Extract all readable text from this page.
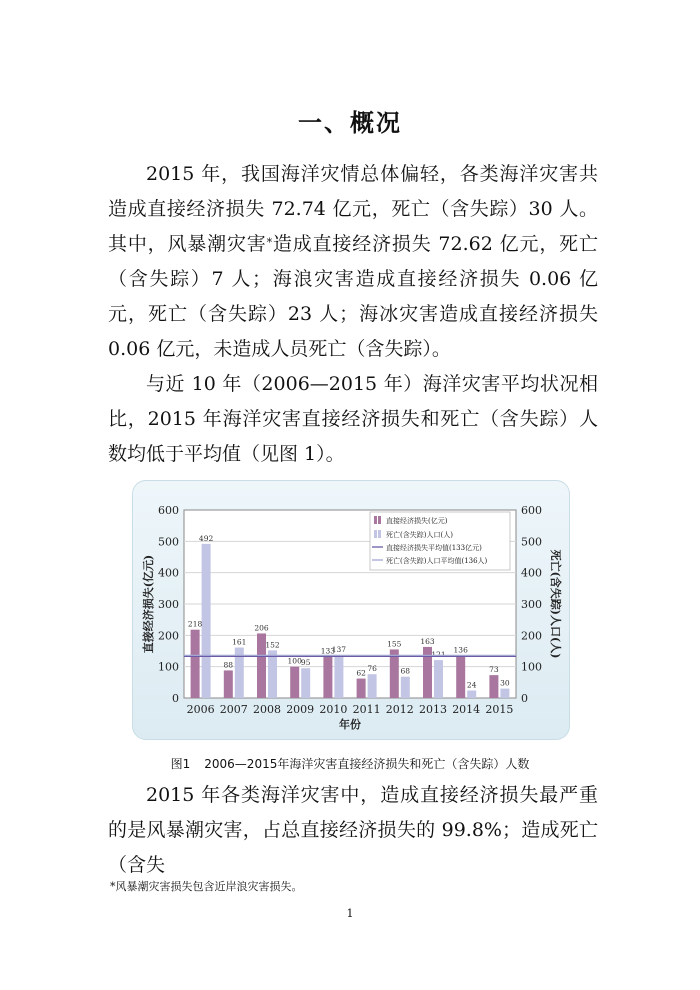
一、概况

2015 年，我国海洋灾情总体偏轻，各类海洋灾害共造成直接经济损失 72.74 亿元，死亡（含失踪）30 人。其中，风暴潮灾害*造成直接经济损失 72.62 亿元，死亡（含失踪）7 人；海浪灾害造成直接经济损失 0.06 亿元，死亡（含失踪）23 人；海冰灾害造成直接经济损失 0.06 亿元，未造成人员死亡（含失踪）。

与近 10 年（2006—2015 年）海洋灾害平均状况相比，2015 年海洋灾害直接经济损失和死亡（含失踪）人数均低于平均值（见图 1）。

0	0
100	100
200	200
300	300
400	400
500	500
600	600
218
492
2006
88
161
2007
206
152
2008
100 95
2009
133
137
2010
62 76
2011
155
68
2012
163
121
2013
136
24
2014
73
30
2015
年份
直接经济损失(亿元)	死亡(含失踪)人口(人)
直接经济损失(亿元)
死亡(含失踪)人口(人)
直接经济损失平均值(133亿元)
死亡(含失踪)人口平均值(136人)
图1 2006—2015年海洋灾害直接经济损失和死亡（含失踪）人数

2015 年各类海洋灾害中，造成直接经济损失最严重的是风暴潮灾害，占总直接经济损失的 99.8%；造成死亡（含失

*风暴潮灾害损失包含近岸浪灾害损失。
1
